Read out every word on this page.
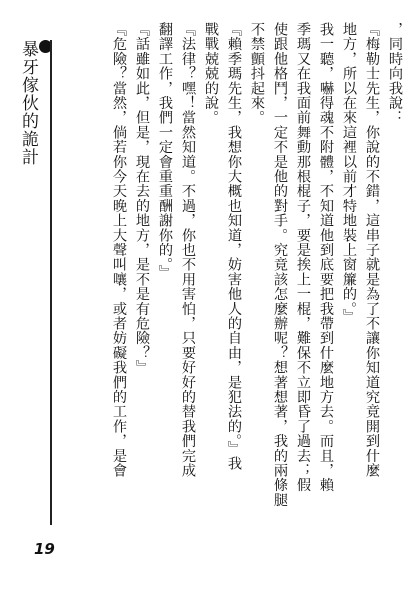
暴牙傢伙的詭計	，同時向我說：
『梅勒士先生，你說的不錯，這串子就是為了不讓你知道究竟開到什麼
地方，所以在來這裡以前才特地裝上窗簾的。』
我一聽，嚇得魂不附體，不知道他到底要把我帶到什麼地方去。而且，賴
季瑪又在我面前舞動那根棍子，要是挨上一棍，難保不立即昏了過去；假
使跟他格鬥，一定不是他的對手。究竟該怎麼辦呢？想著想著，我的兩條腿
不禁顫抖起來。
『賴季瑪先生，我想你大概也知道，妨害他人的自由，是犯法的。』我
戰戰兢兢的說。
『法律？嘿！當然知道。不過，你也不用害怕，只要好好的替我們完成
翻譯工作，我們一定會重重酬謝你的。』
『話雖如此，但是，現在去的地方，是不是有危險？』
『危險？當然，倘若你今天晚上大聲叫嚷，或者妨礙我們的工作，是會
19
